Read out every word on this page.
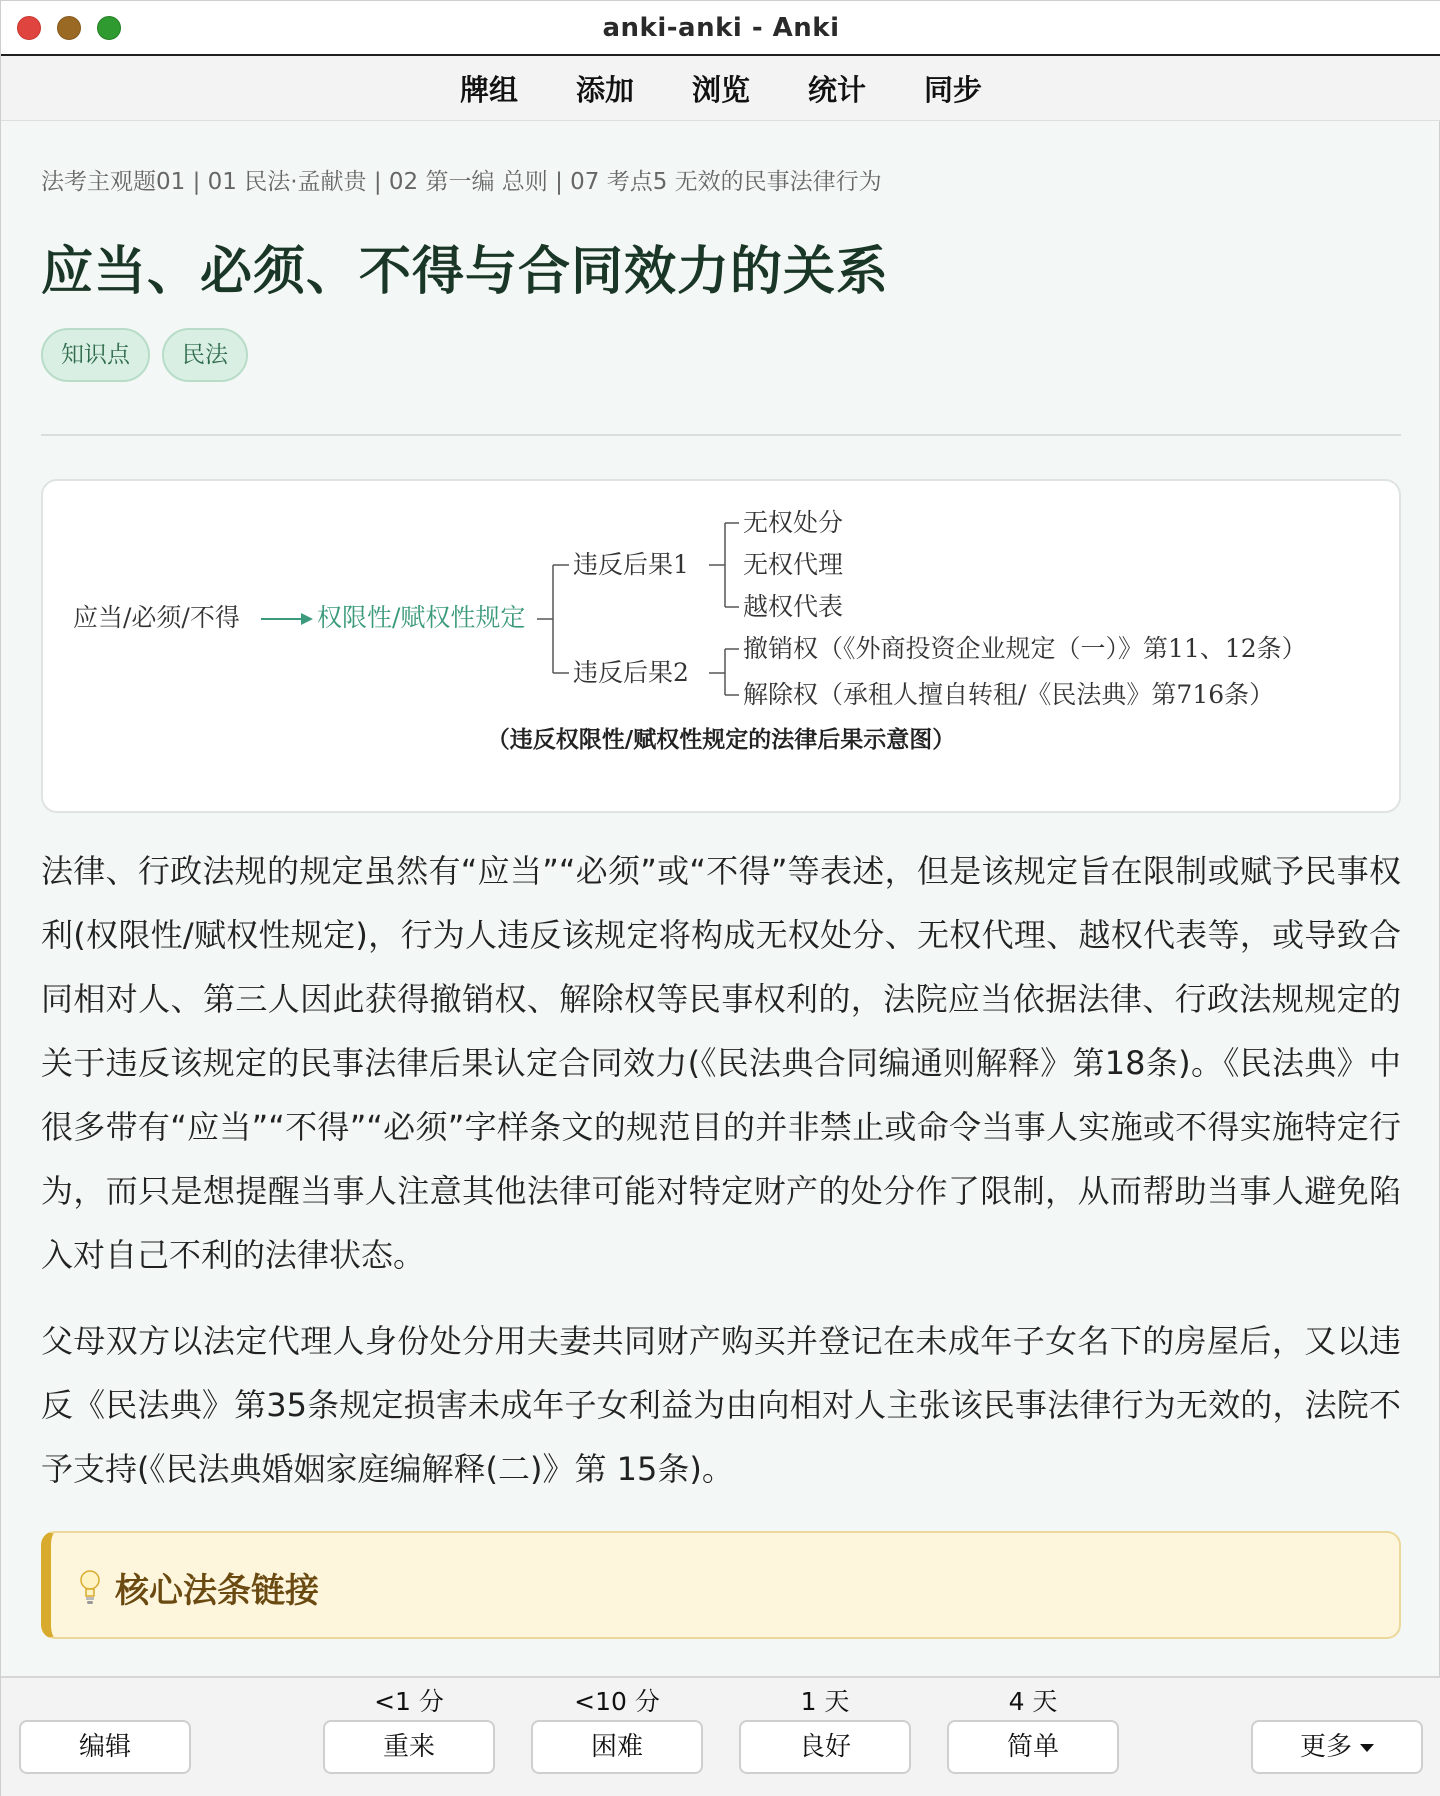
anki-anki - Anki
牌组	添加	浏览	统计	同步
法考主观题01 | 01 民法·孟献贵 | 02 第一编 总则 | 07 考点5 无效的民事法律行为
应当、必须、不得与合同效力的关系
知识点	民法
应当/必须/不得	权限性/赋权性规定
违反后果1
违反后果2
无权处分
无权代理
越权代表
撤销权（《外商投资企业规定（一）》第11、12条）
解除权（承租人擅自转租/《民法典》第716条）
（违反权限性/赋权性规定的法律后果示意图）
法律、行政法规的规定虽然有“应当”“必须”或“不得”等表述，但是该规定旨在限制或赋予民事权利(权限性/赋权性规定)，行为人违反该规定将构成无权处分、无权代理、越权代表等，或导致合同相对人、第三人因此获得撤销权、解除权等民事权利的，法院应当依据法律、行政法规规定的关于违反该规定的民事法律后果认定合同效力(《民法典合同编通则解释》第18条)。《民法典》中很多带有“应当”“不得”“必须”字样条文的规范目的并非禁止或命令当事人实施或不得实施特定行为，而只是想提醒当事人注意其他法律可能对特定财产的处分作了限制，从而帮助当事人避免陷入对自己不利的法律状态。
父母双方以法定代理人身份处分用夫妻共同财产购买并登记在未成年子女名下的房屋后，又以违反《民法典》第35条规定损害未成年子女利益为由向相对人主张该民事法律行为无效的，法院不予支持(《民法典婚姻家庭编解释(二)》第 15条)。
核心法条链接
编辑
<1 分
重来
<10 分
困难
1 天
良好
4 天
简单	更多
